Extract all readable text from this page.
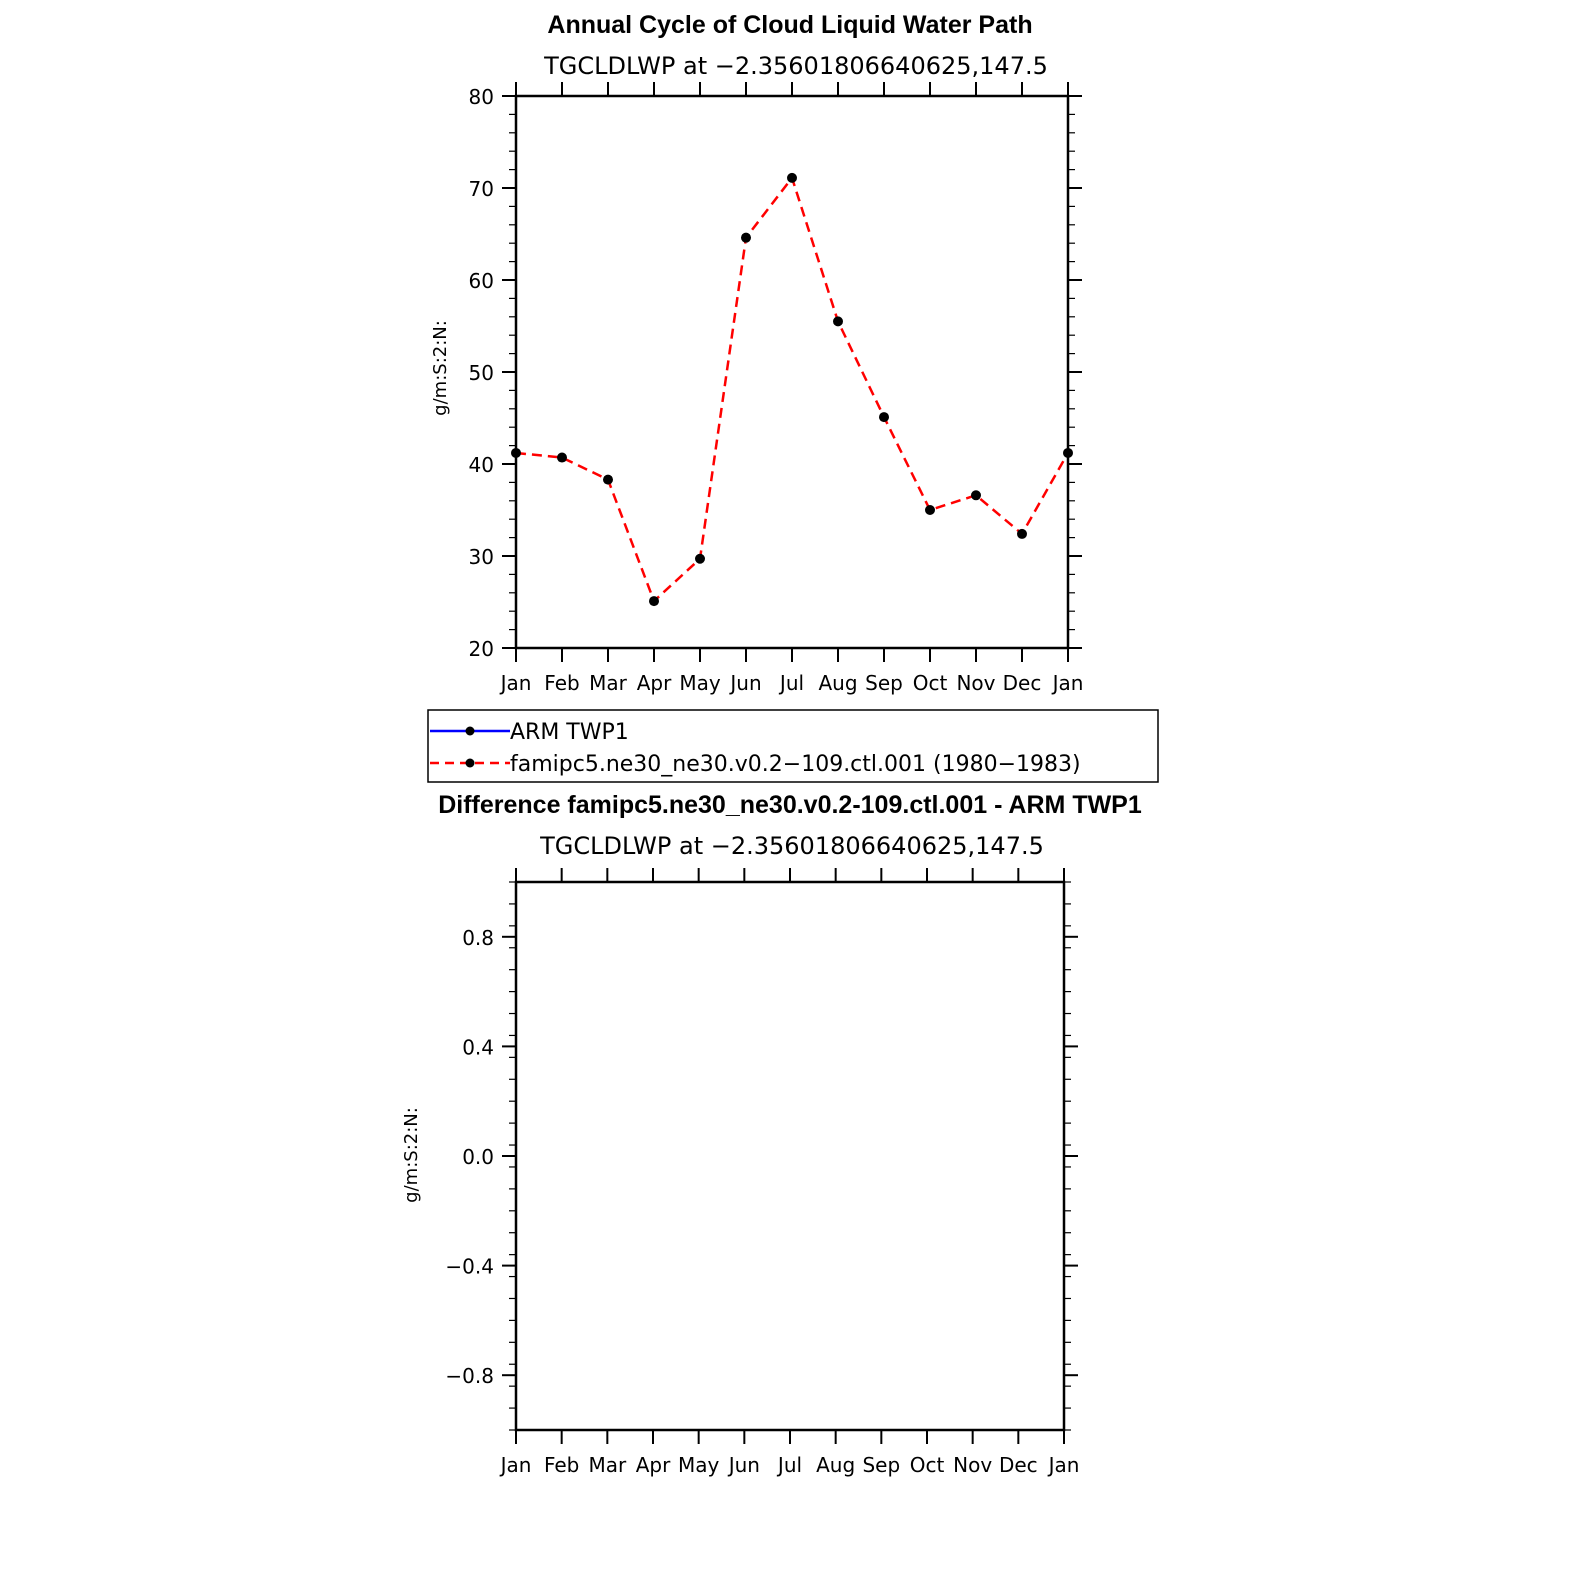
Annual Cycle of Cloud Liquid Water Path
TGCLDLWP at −2.35601806640625,147.5
g/m:S:2:N:
Jan Feb Mar Apr May Jun Jul Aug Sep Oct Nov Dec Jan
20
30
40
50
60
70
80
ARM TWP1
famipc5.ne30_ne30.v0.2−109.ctl.001 (1980−1983)
Difference famipc5.ne30_ne30.v0.2-109.ctl.001 - ARM TWP1
TGCLDLWP at −2.35601806640625,147.5
g/m:S:2:N:
Jan Feb Mar Apr May Jun Jul Aug Sep Oct Nov Dec Jan
0.8
0.4
0.0
−0.4
−0.8
